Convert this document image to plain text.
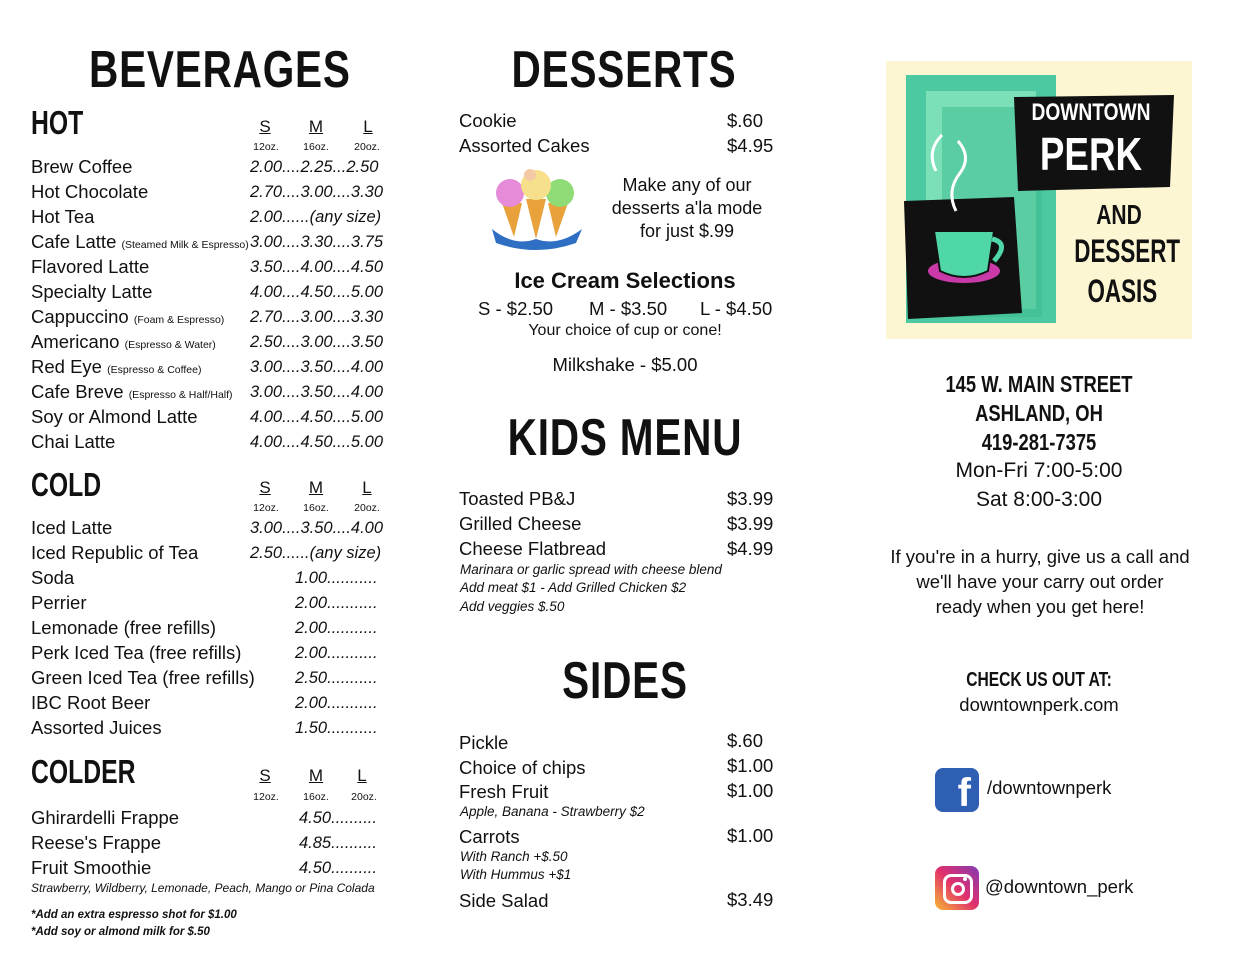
BEVERAGES
HOT	S	M	L
12oz.	16oz.	20oz.
Brew Coffee	2.00....2.25...2.50
Hot Chocolate	2.70....3.00....3.30
Hot Tea	2.00......(any size)
Cafe Latte (Steamed Milk & Espresso) 3.00....3.30....3.75
Flavored Latte	3.50....4.00....4.50
Specialty Latte	4.00....4.50....5.00
Cappuccino (Foam & Espresso) 2.70....3.00....3.30
Americano (Espresso & Water) 2.50....3.00....3.50
Red Eye (Espresso & Coffee)	3.00....3.50....4.00
Cafe Breve (Espresso & Half/Half) 3.00....3.50....4.00
Soy or Almond Latte	4.00....4.50....5.00
Chai Latte	4.00....4.50....5.00
COLD	S	M	L
12oz.	16oz.	20oz.
Iced Latte	3.00....3.50....4.00
Iced Republic of Tea	2.50......(any size)
Soda	1.00...........
Perrier	2.00...........
Lemonade (free refills)	2.00...........
Perk Iced Tea (free refills)	2.00...........
Green Iced Tea (free refills) 2.50...........
IBC Root Beer	2.00...........
Assorted Juices	1.50...........
COLDER	S	M	L
12oz.	16oz.	20oz.
Ghirardelli Frappe	4.50..........
Reese's Frappe	4.85..........
Fruit Smoothie	4.50..........
Strawberry, Wildberry, Lemonade, Peach, Mango or Pina Colada
*Add an extra espresso shot for $1.00
*Add soy or almond milk for $.50
DESSERTS
Cookie	$.60
Assorted Cakes	$4.95
Make any of our
desserts a'la mode
for just $.99
Ice Cream Selections
S - $2.50 M - $3.50 L - $4.50
Your choice of cup or cone!
Milkshake - $5.00
KIDS MENU
Toasted PB&J	$3.99
Grilled Cheese	$3.99
Cheese Flatbread	$4.99
Marinara or garlic spread with cheese blend
Add meat $1 - Add Grilled Chicken $2
Add veggies $.50
SIDES
Pickle	$.60
Choice of chips	$1.00
Fresh Fruit	$1.00
Apple, Banana - Strawberry $2
Carrots	$1.00
With Ranch +$.50
With Hummus +$1
Side Salad	$3.49
DOWNTOWN
PERK
AND
DESSERT
OASIS
145 W. MAIN STREET
ASHLAND, OH
419-281-7375
Mon-Fri 7:00-5:00
Sat 8:00-3:00
If you're in a hurry, give us a call and
we'll have your carry out order
ready when you get here!
CHECK US OUT AT:
downtownperk.com
f /downtownperk
@downtown_perk
